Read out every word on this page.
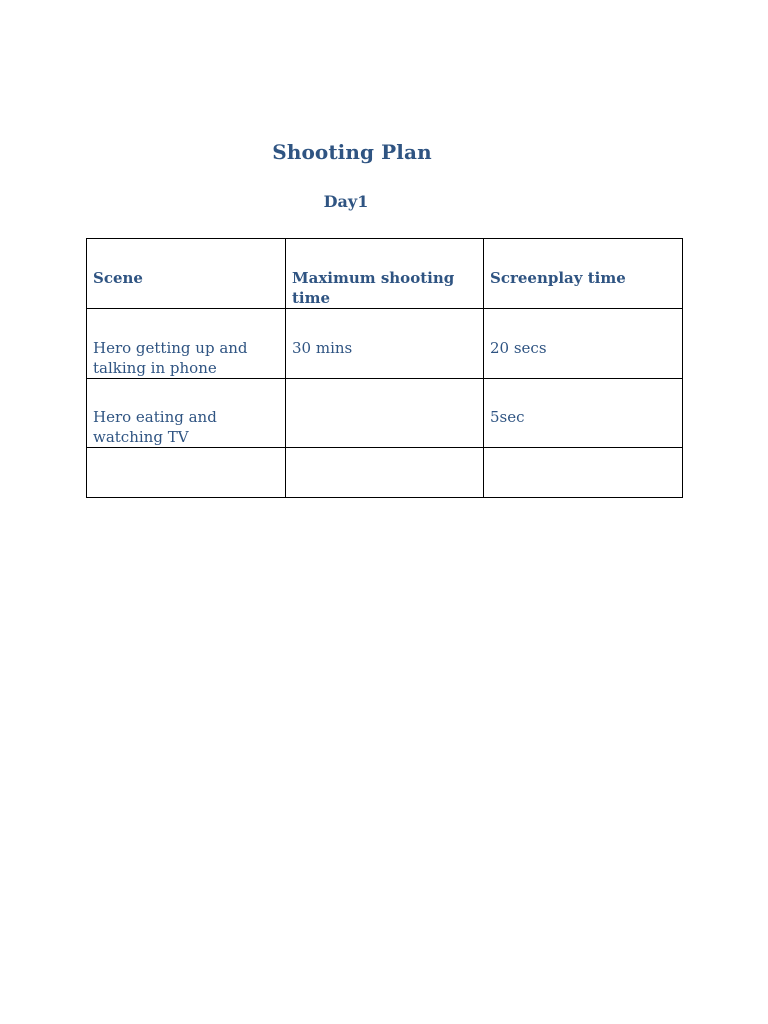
Shooting Plan
Day1
Scene	Maximum shooting time	Screenplay time
Hero getting up and talking in phone	30 mins	20 secs
Hero eating and watching TV		5sec
